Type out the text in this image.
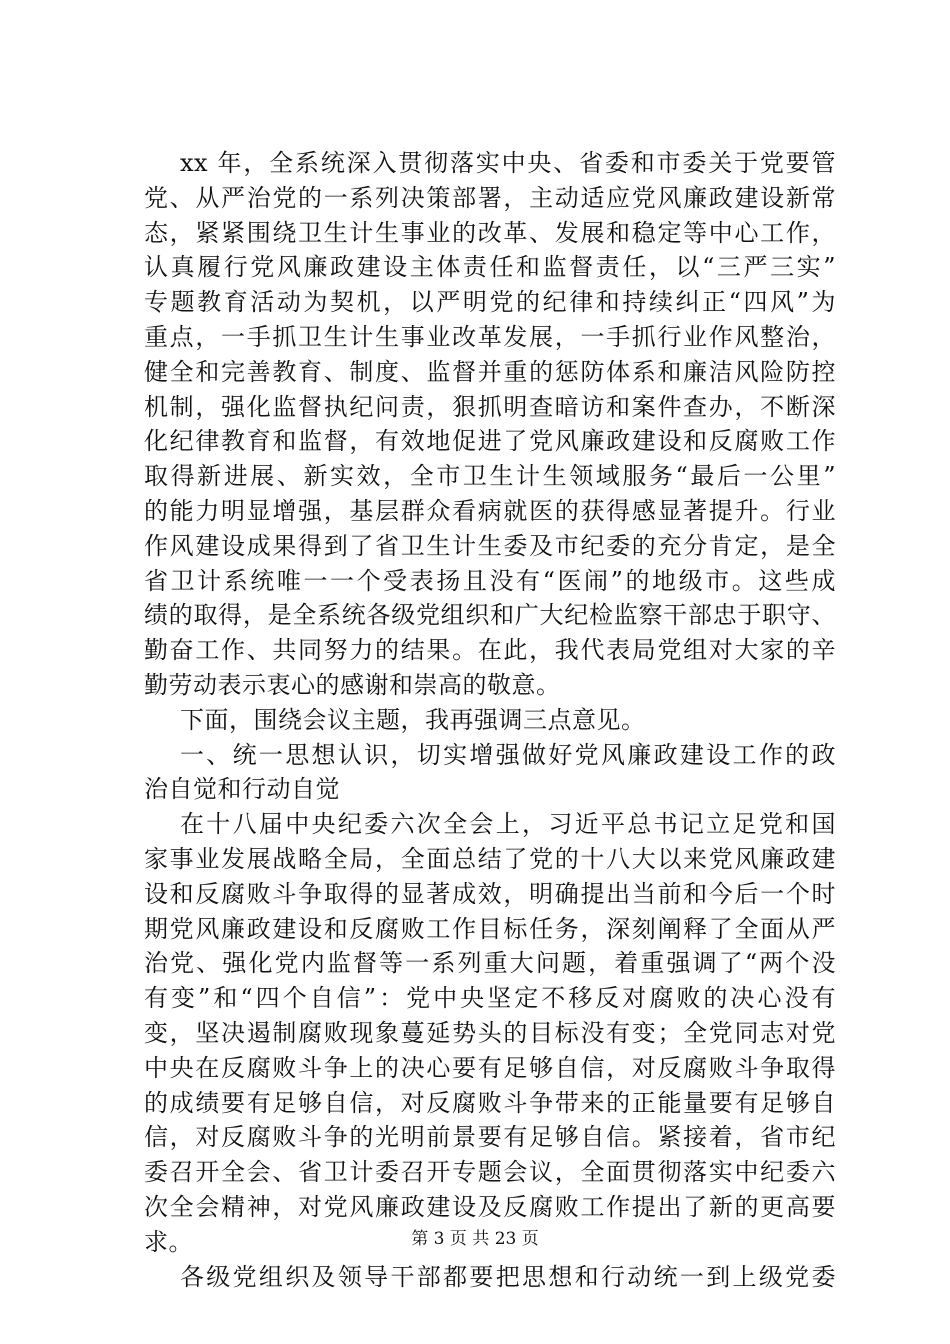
xx 年，全系统深入贯彻落实中央、省委和市委关于党要管
党、从严治党的一系列决策部署，主动适应党风廉政建设新常
态，紧紧围绕卫生计生事业的改革、发展和稳定等中心工作，
认真履行党风廉政建设主体责任和监督责任，以“三严三实”
专题教育活动为契机，以严明党的纪律和持续纠正“四风”为
重点，一手抓卫生计生事业改革发展，一手抓行业作风整治，
健全和完善教育、制度、监督并重的惩防体系和廉洁风险防控
机制，强化监督执纪问责，狠抓明查暗访和案件查办，不断深
化纪律教育和监督，有效地促进了党风廉政建设和反腐败工作
取得新进展、新实效，全市卫生计生领域服务“最后一公里”
的能力明显增强，基层群众看病就医的获得感显著提升。行业
作风建设成果得到了省卫生计生委及市纪委的充分肯定，是全
省卫计系统唯一一个受表扬且没有“医闹”的地级市。这些成
绩的取得，是全系统各级党组织和广大纪检监察干部忠于职守、
勤奋工作、共同努力的结果。在此，我代表局党组对大家的辛
勤劳动表示衷心的感谢和崇高的敬意。
下面，围绕会议主题，我再强调三点意见。
一、统一思想认识，切实增强做好党风廉政建设工作的政
治自觉和行动自觉
在十八届中央纪委六次全会上，习近平总书记立足党和国
家事业发展战略全局，全面总结了党的十八大以来党风廉政建
设和反腐败斗争取得的显著成效，明确提出当前和今后一个时
期党风廉政建设和反腐败工作目标任务，深刻阐释了全面从严
治党、强化党内监督等一系列重大问题，着重强调了“两个没
有变”和“四个自信”：党中央坚定不移反对腐败的决心没有
变，坚决遏制腐败现象蔓延势头的目标没有变；全党同志对党
中央在反腐败斗争上的决心要有足够自信，对反腐败斗争取得
的成绩要有足够自信，对反腐败斗争带来的正能量要有足够自
信，对反腐败斗争的光明前景要有足够自信。紧接着，省市纪
委召开全会、省卫计委召开专题会议，全面贯彻落实中纪委六
次全会精神，对党风廉政建设及反腐败工作提出了新的更高要
求。
各级党组织及领导干部都要把思想和行动统一到上级党委
第 3 页 共 23 页
